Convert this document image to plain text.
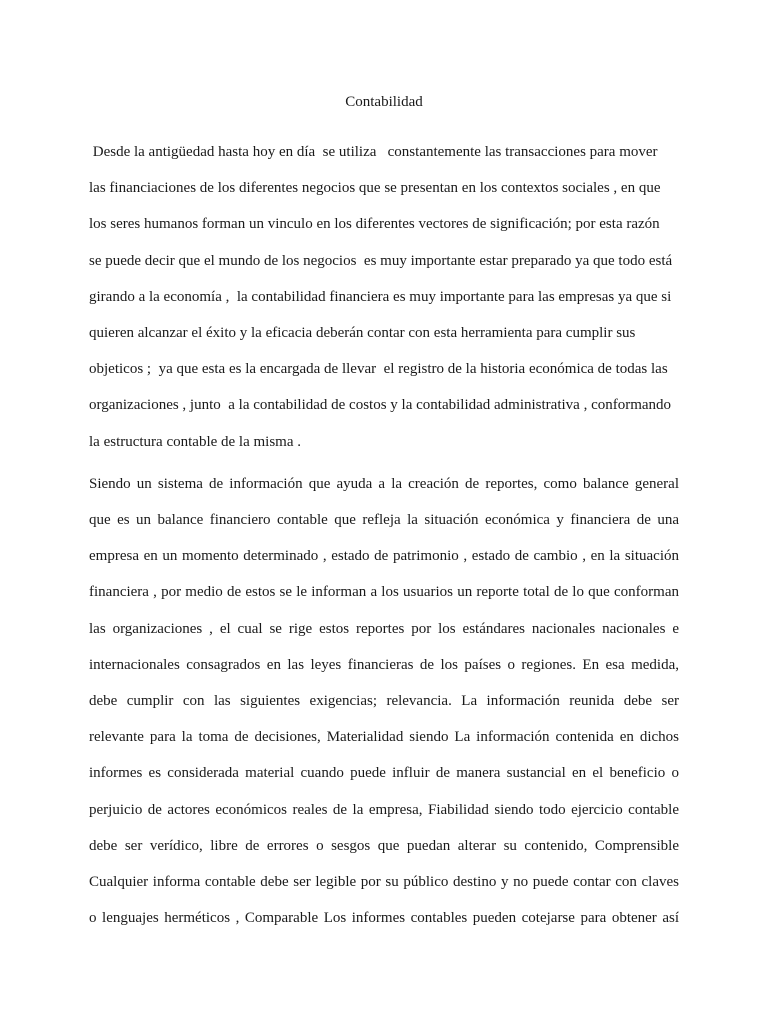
Contabilidad
Desde la antigüedad hasta hoy en día  se utiliza   constantemente las transacciones para mover
las financiaciones de los diferentes negocios que se presentan en los contextos sociales , en que
los seres humanos forman un vinculo en los diferentes vectores de significación; por esta razón
se puede decir que el mundo de los negocios  es muy importante estar preparado ya que todo está
girando a la economía ,  la contabilidad financiera es muy importante para las empresas ya que si
quieren alcanzar el éxito y la eficacia deberán contar con esta herramienta para cumplir sus
objeticos ;  ya que esta es la encargada de llevar  el registro de la historia económica de todas las
organizaciones , junto  a la contabilidad de costos y la contabilidad administrativa , conformando
la estructura contable de la misma .
Siendo un sistema de información que ayuda a la creación de reportes, como balance general
que es un balance financiero contable que refleja la situación económica y financiera de una
empresa en un momento determinado , estado de patrimonio , estado de cambio , en la situación
financiera , por medio de estos se le informan a los usuarios un reporte total de lo que conforman
las organizaciones , el cual se rige estos reportes por los estándares nacionales nacionales e
internacionales consagrados en las leyes financieras de los países o regiones. En esa medida,
debe cumplir con las siguientes exigencias; relevancia. La información reunida debe ser
relevante para la toma de decisiones, Materialidad siendo La información contenida en dichos
informes es considerada material cuando puede influir de manera sustancial en el beneficio o
perjuicio de actores económicos reales de la empresa, Fiabilidad siendo todo ejercicio contable
debe ser verídico, libre de errores o sesgos que puedan alterar su contenido, Comprensible
Cualquier informa contable debe ser legible por su público destino y no puede contar con claves
o lenguajes herméticos , Comparable Los informes contables pueden cotejarse para obtener así
